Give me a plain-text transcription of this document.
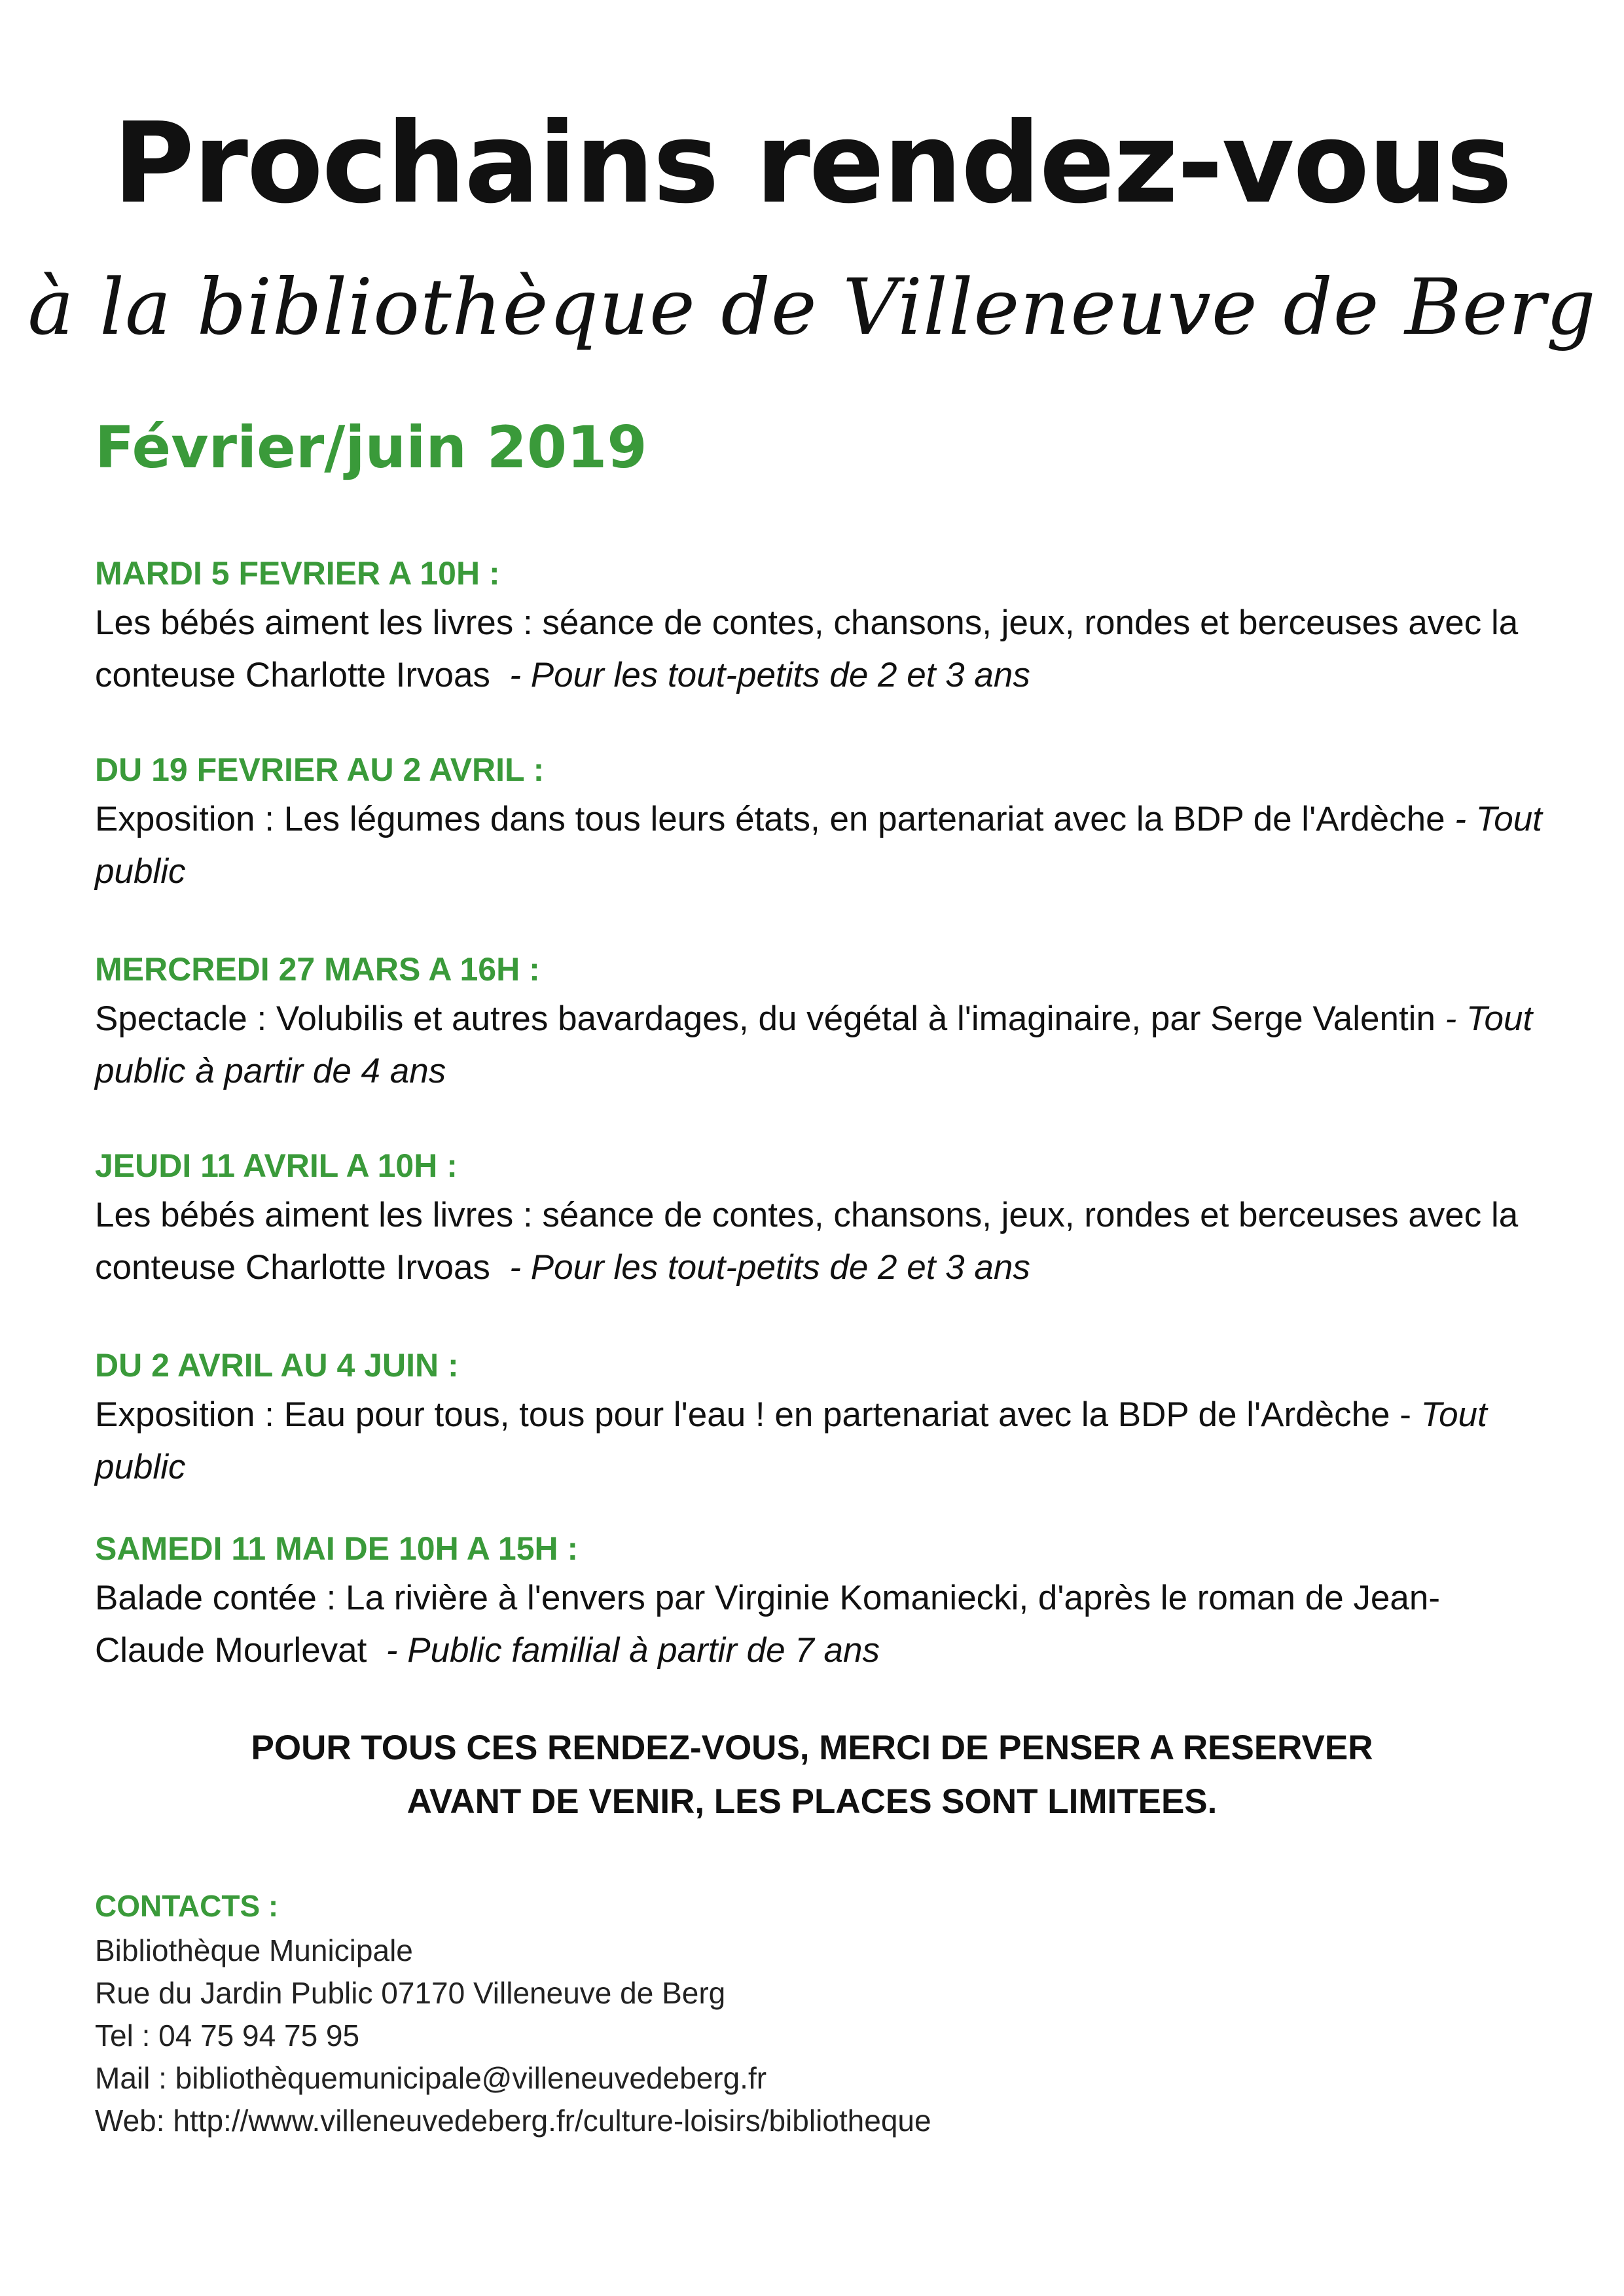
Prochains rendez-vous

à la bibliothèque de Villeneuve de Berg

Février/juin 2019

MARDI 5 FEVRIER A 10H :

Les bébés aiment les livres : séance de contes, chansons, jeux, rondes et berceuses avec la conteuse Charlotte Irvoas - Pour les tout-petits de 2 et 3 ans

DU 19 FEVRIER AU 2 AVRIL :

Exposition : Les légumes dans tous leurs états, en partenariat avec la BDP de l'Ardèche - Tout public

MERCREDI 27 MARS A 16H :

Spectacle : Volubilis et autres bavardages, du végétal à l'imaginaire, par Serge Valentin - Tout public à partir de 4 ans

JEUDI 11 AVRIL A 10H :

Les bébés aiment les livres : séance de contes, chansons, jeux, rondes et berceuses avec la conteuse Charlotte Irvoas - Pour les tout-petits de 2 et 3 ans

DU 2 AVRIL AU 4 JUIN :

Exposition : Eau pour tous, tous pour l'eau ! en partenariat avec la BDP de l'Ardèche - Tout public

SAMEDI 11 MAI DE 10H A 15H :

Balade contée : La rivière à l'envers par Virginie Komaniecki, d'après le roman de Jean-Claude Mourlevat - Public familial à partir de 7 ans

POUR TOUS CES RENDEZ-VOUS, MERCI DE PENSER A RESERVER
AVANT DE VENIR, LES PLACES SONT LIMITEES.

CONTACTS :

Bibliothèque Municipale

Rue du Jardin Public 07170 Villeneuve de Berg

Tel : 04 75 94 75 95

Mail : bibliothèquemunicipale@villeneuvedeberg.fr

Web: http://www.villeneuvedeberg.fr/culture-loisirs/bibliotheque
